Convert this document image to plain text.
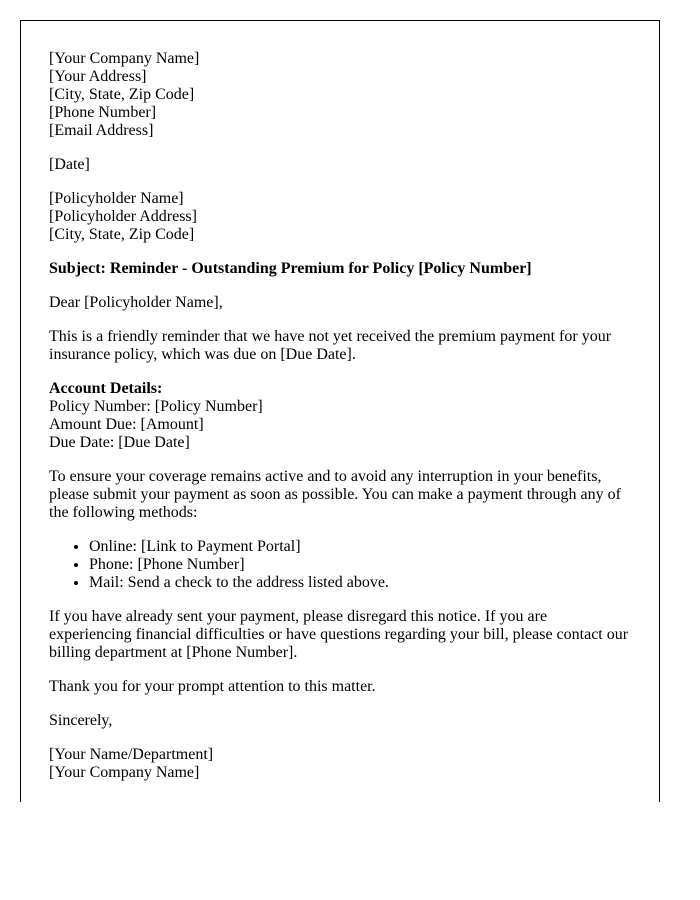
[Your Company Name]
[Your Address]
[City, State, Zip Code]
[Phone Number]
[Email Address]

[Date]

[Policyholder Name]
[Policyholder Address]
[City, State, Zip Code]

Subject: Reminder - Outstanding Premium for Policy [Policy Number]

Dear [Policyholder Name],

This is a friendly reminder that we have not yet received the premium payment for your insurance policy, which was due on [Due Date].

Account Details:
Policy Number: [Policy Number]
Amount Due: [Amount]
Due Date: [Due Date]

To ensure your coverage remains active and to avoid any interruption in your benefits, please submit your payment as soon as possible. You can make a payment through any of the following methods:

• Online: [Link to Payment Portal]
• Phone: [Phone Number]
• Mail: Send a check to the address listed above.

If you have already sent your payment, please disregard this notice. If you are experiencing financial difficulties or have questions regarding your bill, please contact our billing department at [Phone Number].

Thank you for your prompt attention to this matter.

Sincerely,

[Your Name/Department]
[Your Company Name]
